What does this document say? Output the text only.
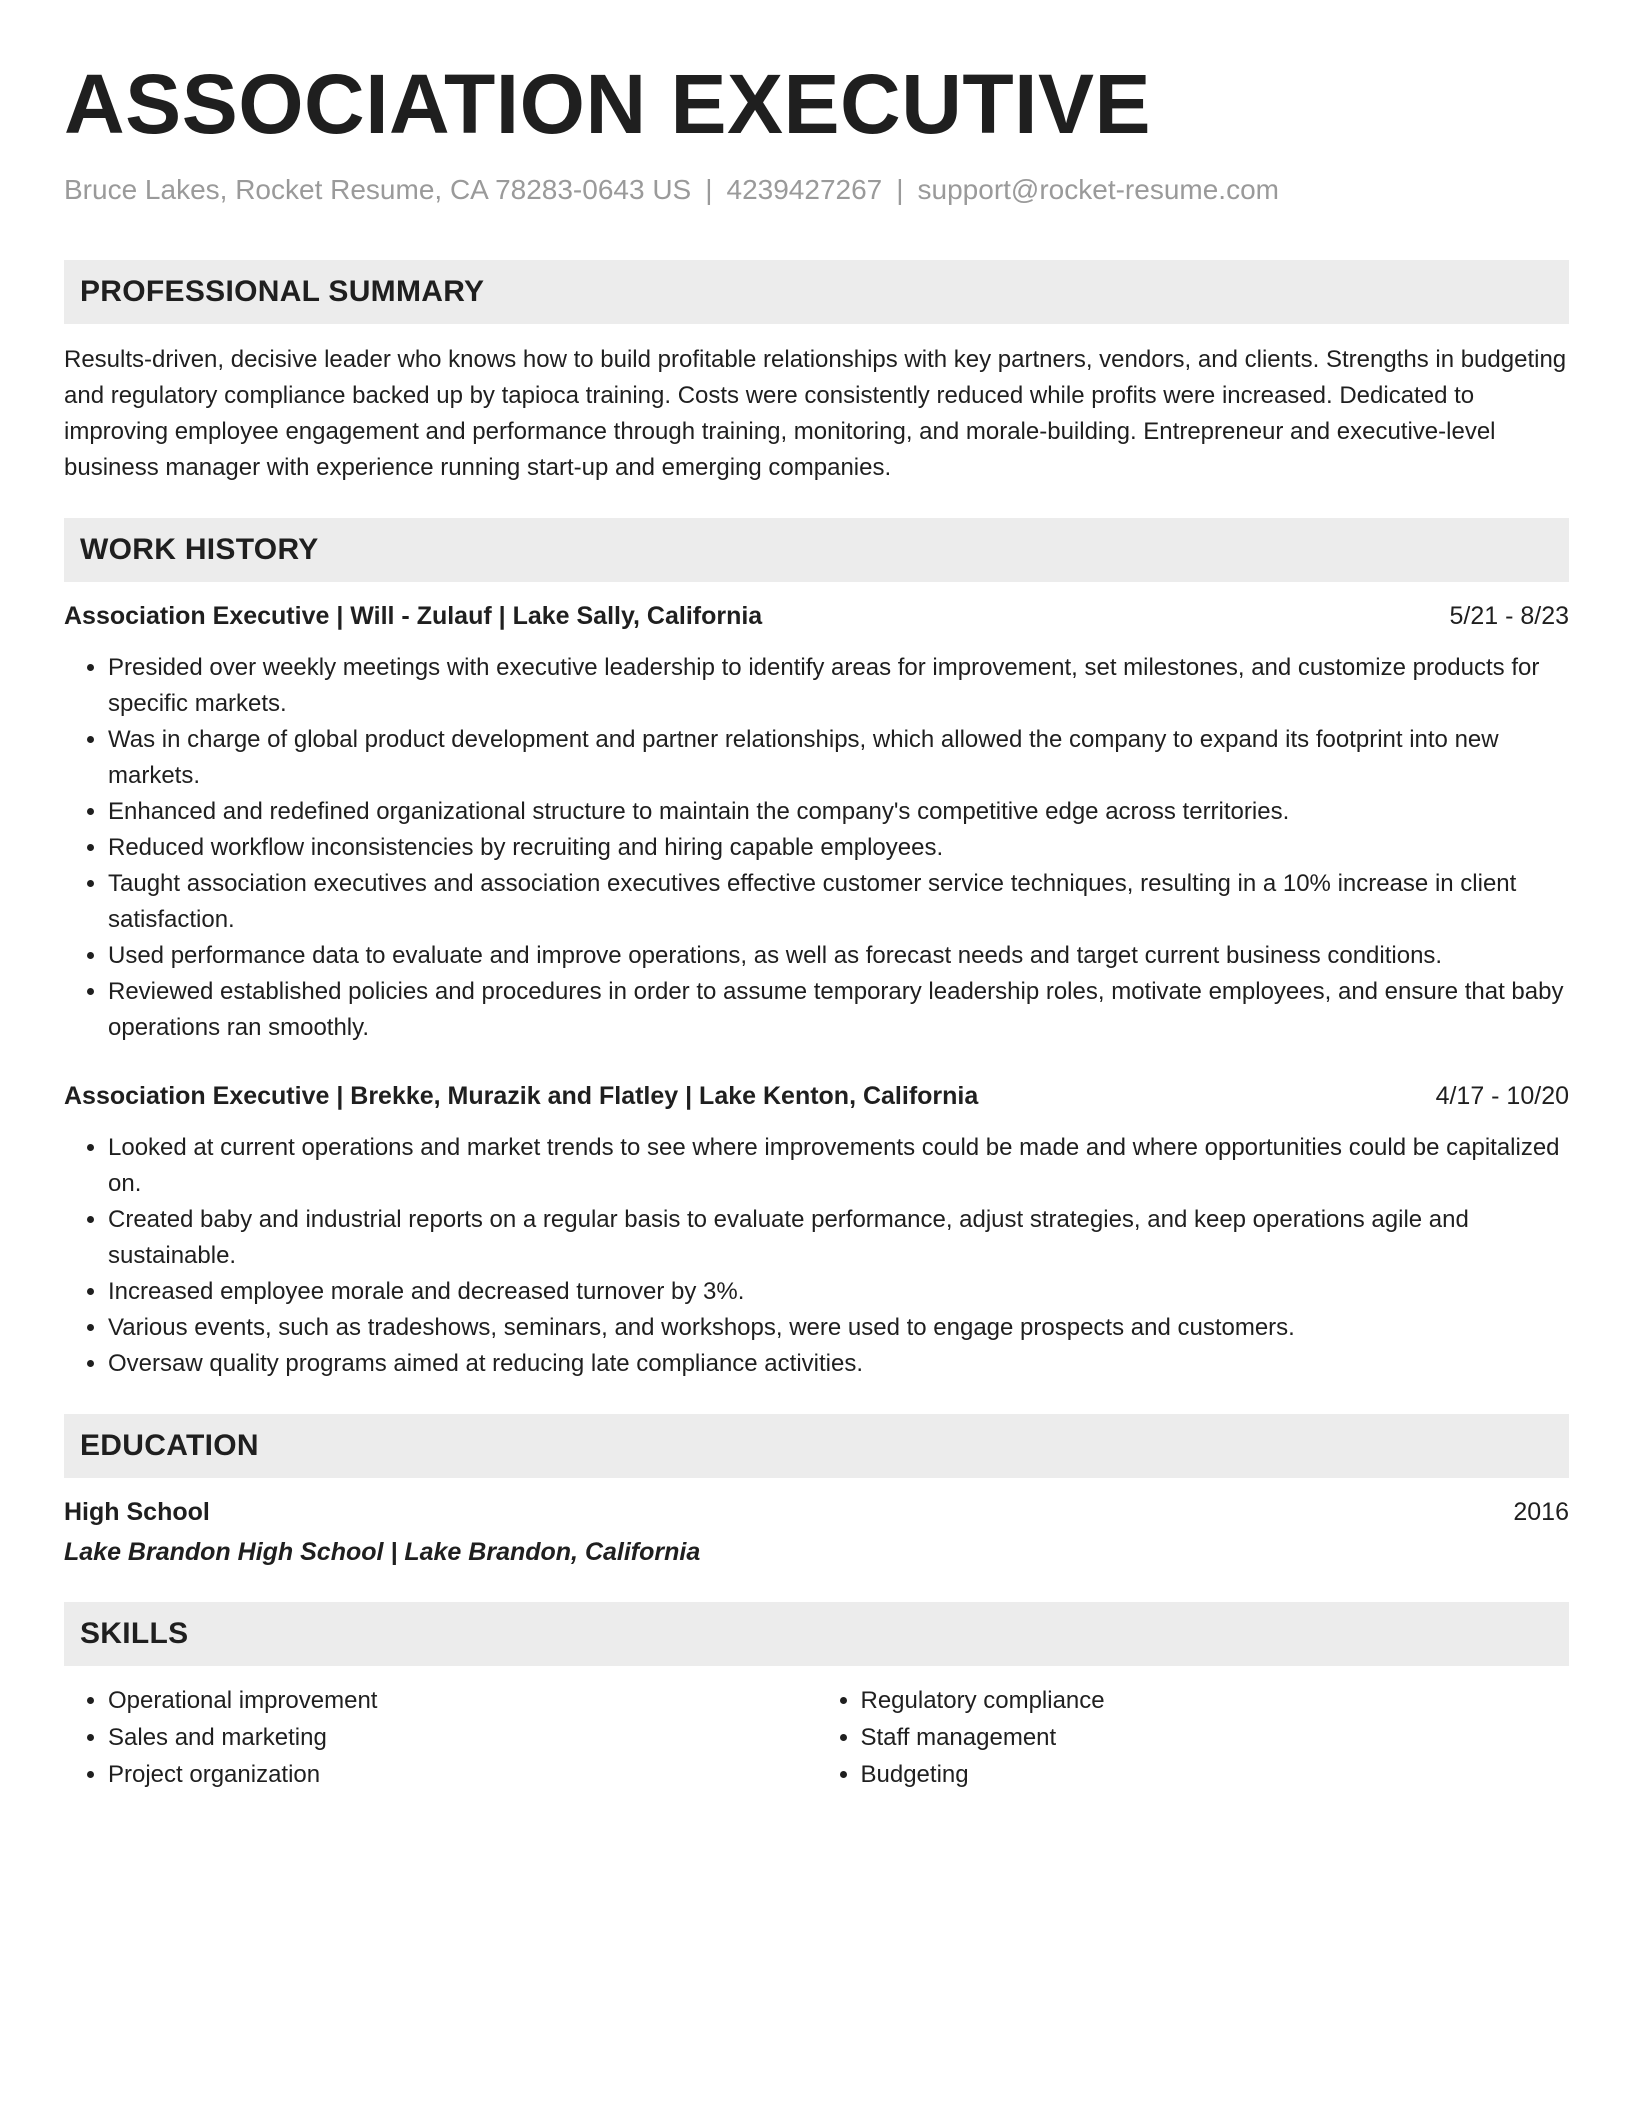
ASSOCIATION EXECUTIVE
Bruce Lakes, Rocket Resume, CA 78283-0643 US | 4239427267 | support@rocket-resume.com
PROFESSIONAL SUMMARY
Results-driven, decisive leader who knows how to build profitable relationships with key partners, vendors, and clients. Strengths in budgeting and regulatory compliance backed up by tapioca training. Costs were consistently reduced while profits were increased. Dedicated to improving employee engagement and performance through training, monitoring, and morale-building. Entrepreneur and executive-level business manager with experience running start-up and emerging companies.
WORK HISTORY
Association Executive | Will - Zulauf | Lake Sally, California	5/21 - 8/23
• Presided over weekly meetings with executive leadership to identify areas for improvement, set milestones, and customize products for specific markets.
• Was in charge of global product development and partner relationships, which allowed the company to expand its footprint into new markets.
• Enhanced and redefined organizational structure to maintain the company's competitive edge across territories.
• Reduced workflow inconsistencies by recruiting and hiring capable employees.
• Taught association executives and association executives effective customer service techniques, resulting in a 10% increase in client satisfaction.
• Used performance data to evaluate and improve operations, as well as forecast needs and target current business conditions.
• Reviewed established policies and procedures in order to assume temporary leadership roles, motivate employees, and ensure that baby operations ran smoothly.
Association Executive | Brekke, Murazik and Flatley | Lake Kenton, California	4/17 - 10/20
• Looked at current operations and market trends to see where improvements could be made and where opportunities could be capitalized on.
• Created baby and industrial reports on a regular basis to evaluate performance, adjust strategies, and keep operations agile and sustainable.
• Increased employee morale and decreased turnover by 3%.
• Various events, such as tradeshows, seminars, and workshops, were used to engage prospects and customers.
• Oversaw quality programs aimed at reducing late compliance activities.
EDUCATION
High School	2016
Lake Brandon High School | Lake Brandon, California
SKILLS
• Operational improvement
• Sales and marketing
• Project organization
• Regulatory compliance
• Staff management
• Budgeting
